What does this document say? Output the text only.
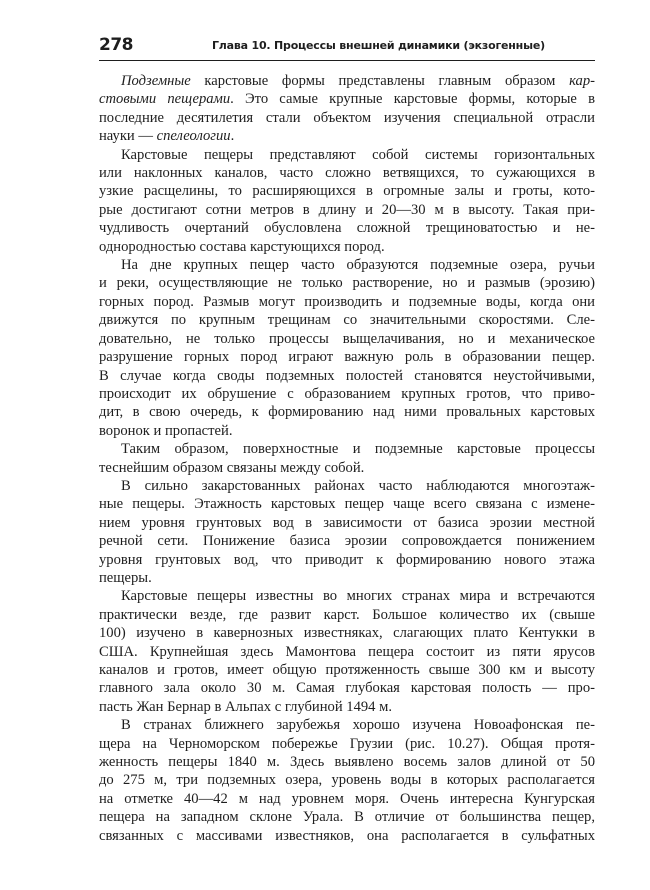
278	Глава 10. Процессы внешней динамики (экзогенные)
Подземные карстовые формы представлены главным образом кар-
стовыми пещерами. Это самые крупные карстовые формы, которые в
последние десятилетия стали объектом изучения специальной отрасли
науки — спелеологии.
Карстовые пещеры представляют собой системы горизонтальных
или наклонных каналов, часто сложно ветвящихся, то сужающихся в
узкие расщелины, то расширяющихся в огромные залы и гроты, кото-
рые достигают сотни метров в длину и 20—30 м в высоту. Такая при-
чудливость очертаний обусловлена сложной трещиноватостью и не-
однородностью состава карстующихся пород.
На дне крупных пещер часто образуются подземные озера, ручьи
и реки, осуществляющие не только растворение, но и размыв (эрозию)
горных пород. Размыв могут производить и подземные воды, когда они
движутся по крупным трещинам со значительными скоростями. Сле-
довательно, не только процессы выщелачивания, но и механическое
разрушение горных пород играют важную роль в образовании пещер.
В случае когда своды подземных полостей становятся неустойчивыми,
происходит их обрушение с образованием крупных гротов, что приво-
дит, в свою очередь, к формированию над ними провальных карстовых
воронок и пропастей.
Таким образом, поверхностные и подземные карстовые процессы
теснейшим образом связаны между собой.
В сильно закарстованных районах часто наблюдаются многоэтаж-
ные пещеры. Этажность карстовых пещер чаще всего связана с измене-
нием уровня грунтовых вод в зависимости от базиса эрозии местной
речной сети. Понижение базиса эрозии сопровождается понижением
уровня грунтовых вод, что приводит к формированию нового этажа
пещеры.
Карстовые пещеры известны во многих странах мира и встречаются
практически везде, где развит карст. Большое количество их (свыше
100) изучено в кавернозных известняках, слагающих плато Кентукки в
США. Крупнейшая здесь Мамонтова пещера состоит из пяти ярусов
каналов и гротов, имеет общую протяженность свыше 300 км и высоту
главного зала около 30 м. Самая глубокая карстовая полость — про-
пасть Жан Бернар в Альпах с глубиной 1494 м.
В странах ближнего зарубежья хорошо изучена Новоафонская пе-
щера на Черноморском побережье Грузии (рис. 10.27). Общая протя-
женность пещеры 1840 м. Здесь выявлено восемь залов длиной от 50
до 275 м, три подземных озера, уровень воды в которых располагается
на отметке 40—42 м над уровнем моря. Очень интересна Кунгурская
пещера на западном склоне Урала. В отличие от большинства пещер,
связанных с массивами известняков, она располагается в сульфатных
